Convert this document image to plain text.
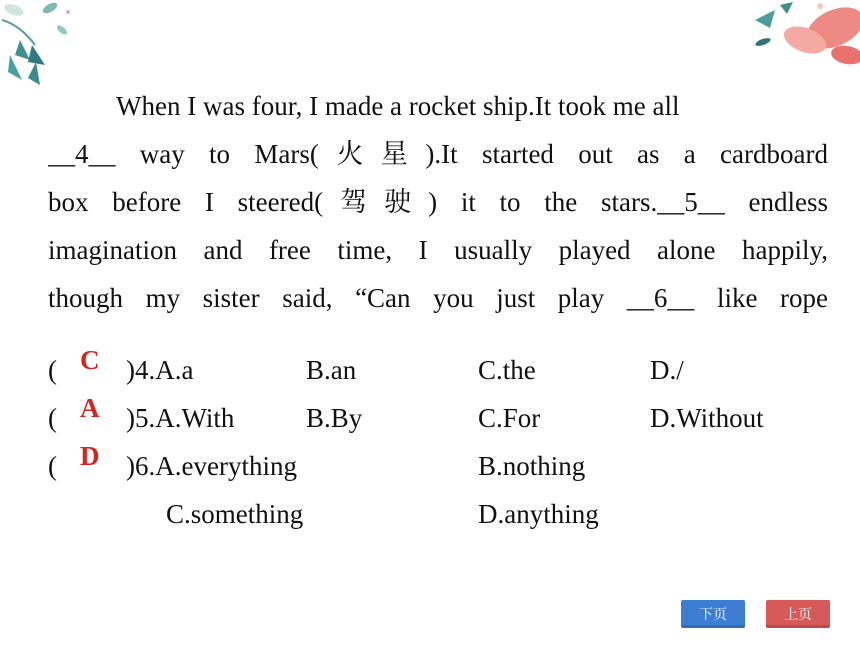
When I was four, I made a rocket ship.It took me all
__4__ way to Mars(火星).It started out as a cardboard
box before I steered(驾驶) it to the stars.__5__ endless
imagination and free time, I usually played alone happily,
though my sister said, “Can you just play __6__ like rope
( C )4.A.a	B.an	C.the	D./
( A )5.A.With	B.By	C.For	D.Without
( D )6.A.everything	B.nothing
C.something	D.anything
下页	上页
